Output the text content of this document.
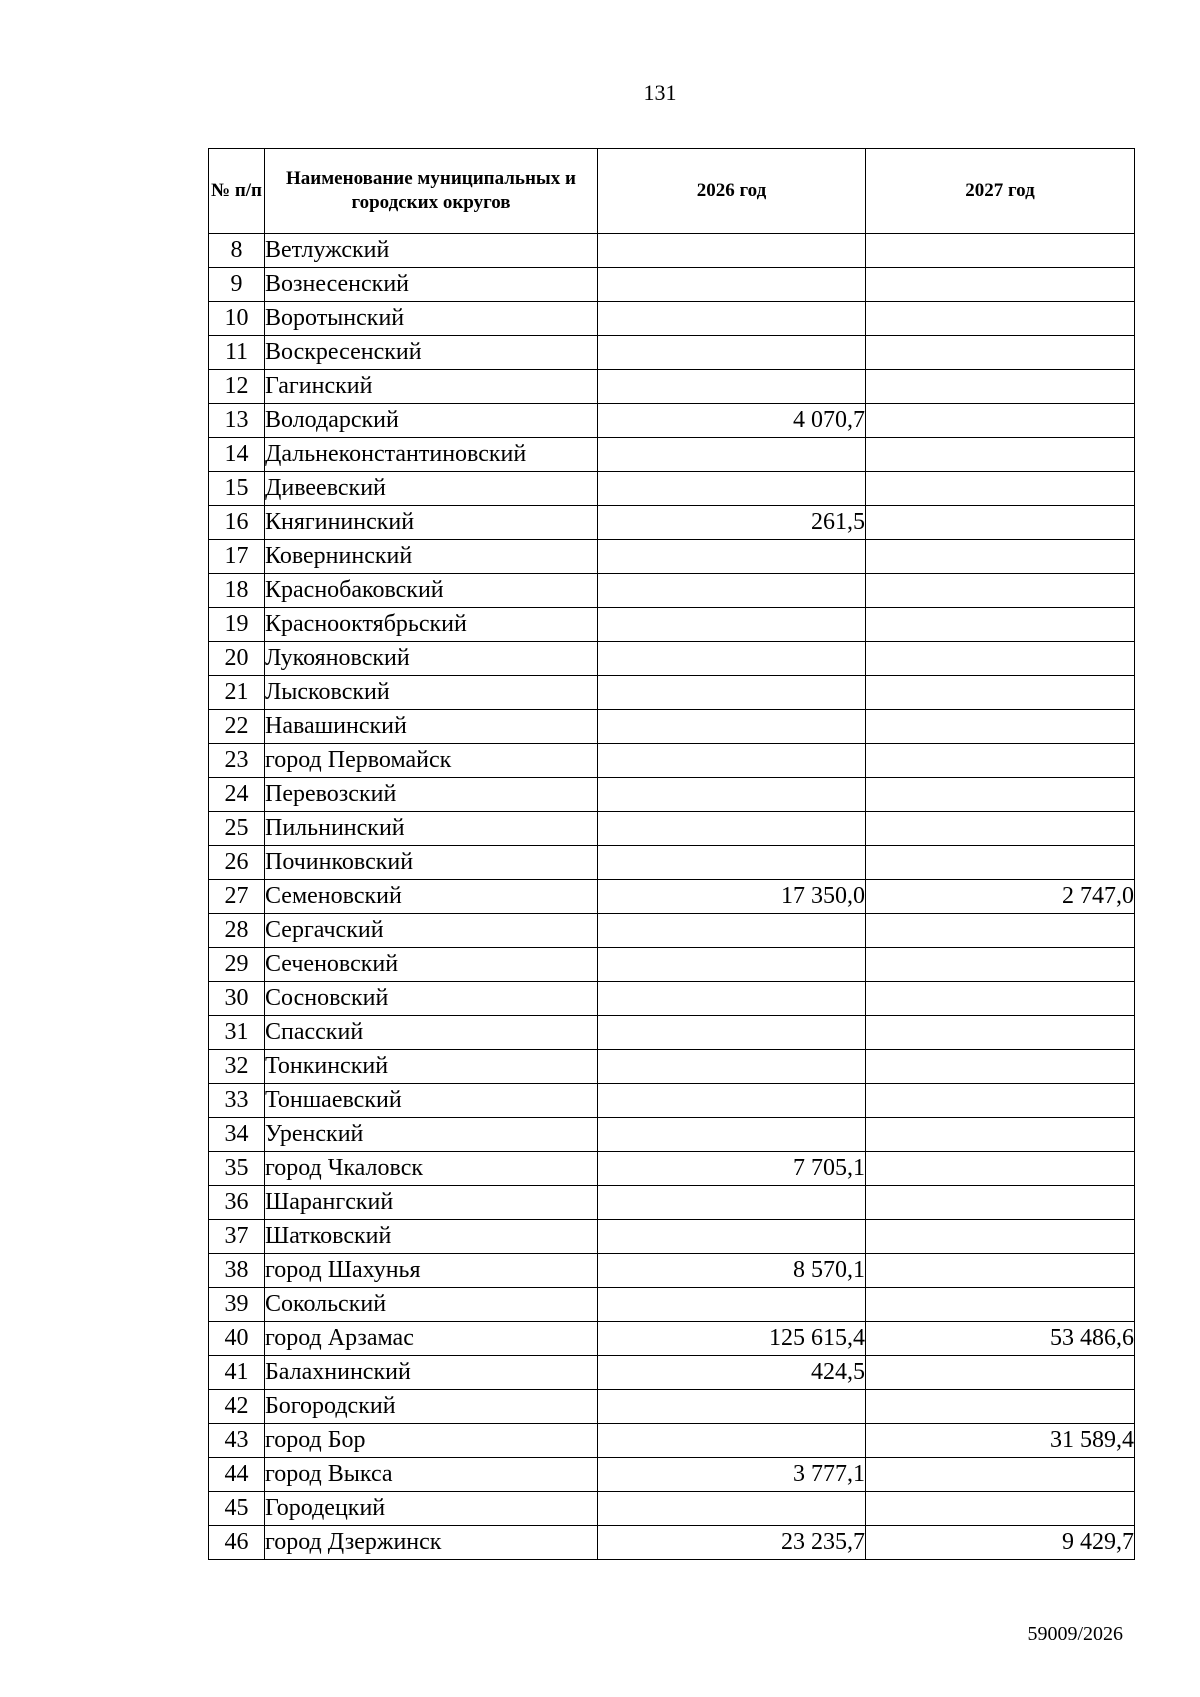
131
№ п/п	Наименование муниципальных и городских округов	2026 год	2027 год
8	Ветлужский		
9	Вознесенский		
10	Воротынский		
11	Воскресенский		
12	Гагинский		
13	Володарский	4 070,7	
14	Дальнеконстантиновский		
15	Дивеевский		
16	Княгининский	261,5	
17	Ковернинский		
18	Краснобаковский		
19	Краснооктябрьский		
20	Лукояновский		
21	Лысковский		
22	Навашинский		
23	город Первомайск		
24	Перевозский		
25	Пильнинский		
26	Починковский		
27	Семеновский	17 350,0	2 747,0
28	Сергачский		
29	Сеченовский		
30	Сосновский		
31	Спасский		
32	Тонкинский		
33	Тоншаевский		
34	Уренский		
35	город Чкаловск	7 705,1	
36	Шарангский		
37	Шатковский		
38	город Шахунья	8 570,1	
39	Сокольский		
40	город Арзамас	125 615,4	53 486,6
41	Балахнинский	424,5	
42	Богородский		
43	город Бор		31 589,4
44	город Выкса	3 777,1	
45	Городецкий		
46	город Дзержинск	23 235,7	9 429,7
59009/2026
